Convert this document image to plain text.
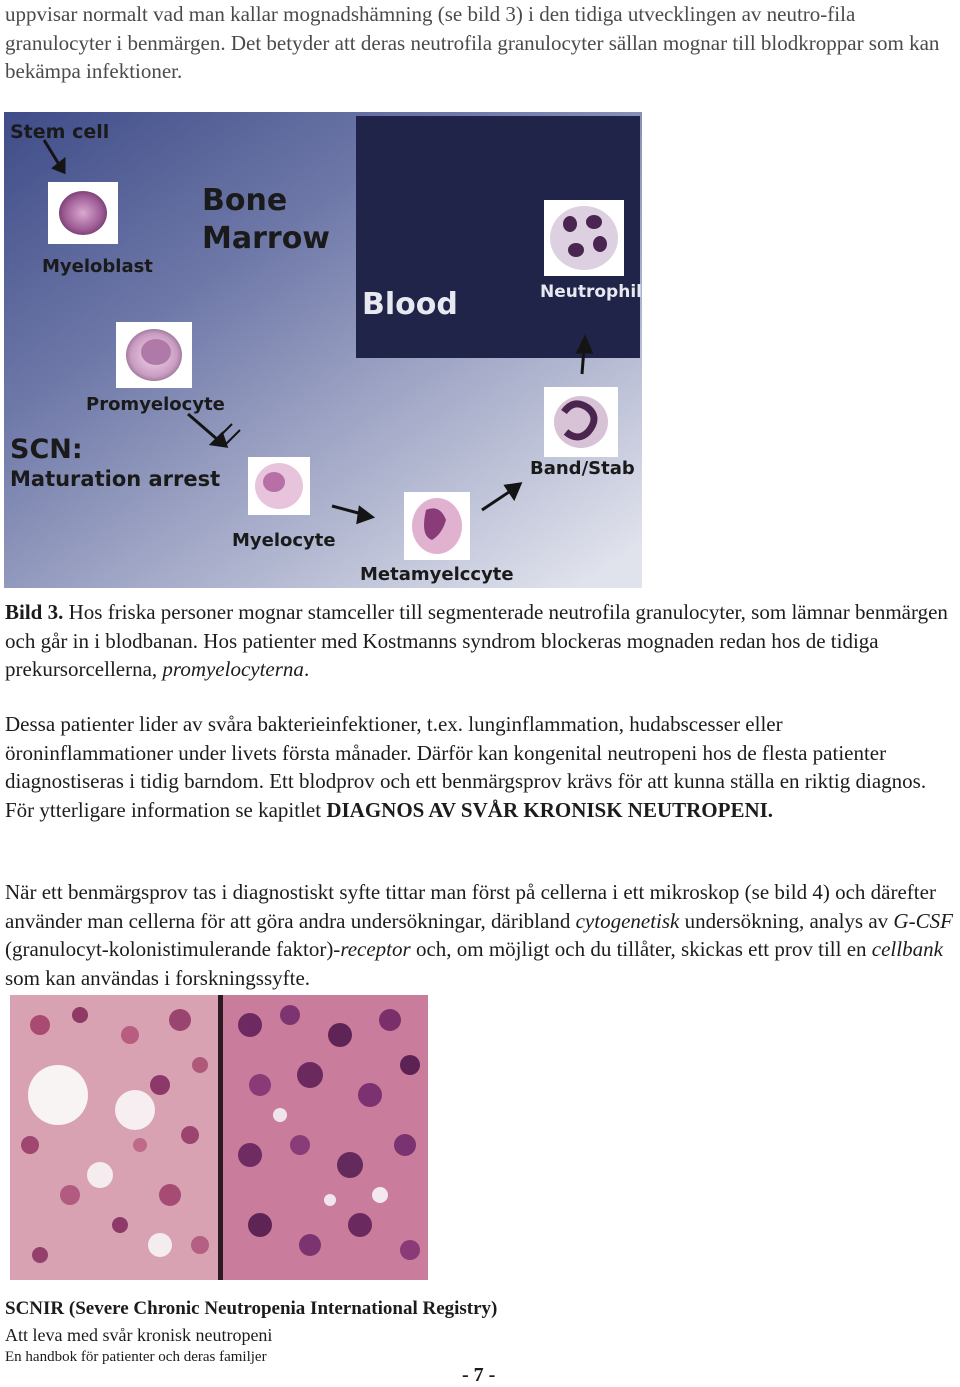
uppvisar normalt vad man kallar mognadshämning (se bild 3) i den tidiga utvecklingen av neutro-fila granulocyter i benmärgen. Det betyder att deras neutrofila granulocyter sällan mognar till blodkroppar som kan bekämpa infektioner.

Stem cell
Bone
Marrow
Blood	Neutrophil
Myeloblast
Promyelocyte
SCN:
Maturation arrest	Band/Stab
Myelocyte
Metamyelccyte

Bild 3. Hos friska personer mognar stamceller till segmenterade neutrofila granulocyter, som lämnar benmärgen och går in i blodbanan. Hos patienter med Kostmanns syndrom blockeras mognaden redan hos de tidiga prekursorcellerna, promyelocyterna.

Dessa patienter lider av svåra bakterieinfektioner, t.ex. lunginflammation, hudabscesser eller öroninflammationer under livets första månader. Därför kan kongenital neutropeni hos de flesta patienter diagnostiseras i tidig barndom. Ett blodprov och ett benmärgsprov krävs för att kunna ställa en riktig diagnos. För ytterligare information se kapitlet DIAGNOS AV SVÅR KRONISK NEUTROPENI.

När ett benmärgsprov tas i diagnostiskt syfte tittar man först på cellerna i ett mikroskop (se bild 4) och därefter använder man cellerna för att göra andra undersökningar, däribland cytogenetisk undersökning, analys av G-CSF (granulocyt-kolonistimulerande faktor)-receptor och, om möjligt och du tillåter, skickas ett prov till en cellbank som kan användas i forskningssyfte.

SCNIR (Severe Chronic Neutropenia International Registry)

Att leva med svår kronisk neutropeni

En handbok för patienter och deras familjer

- 7 -
